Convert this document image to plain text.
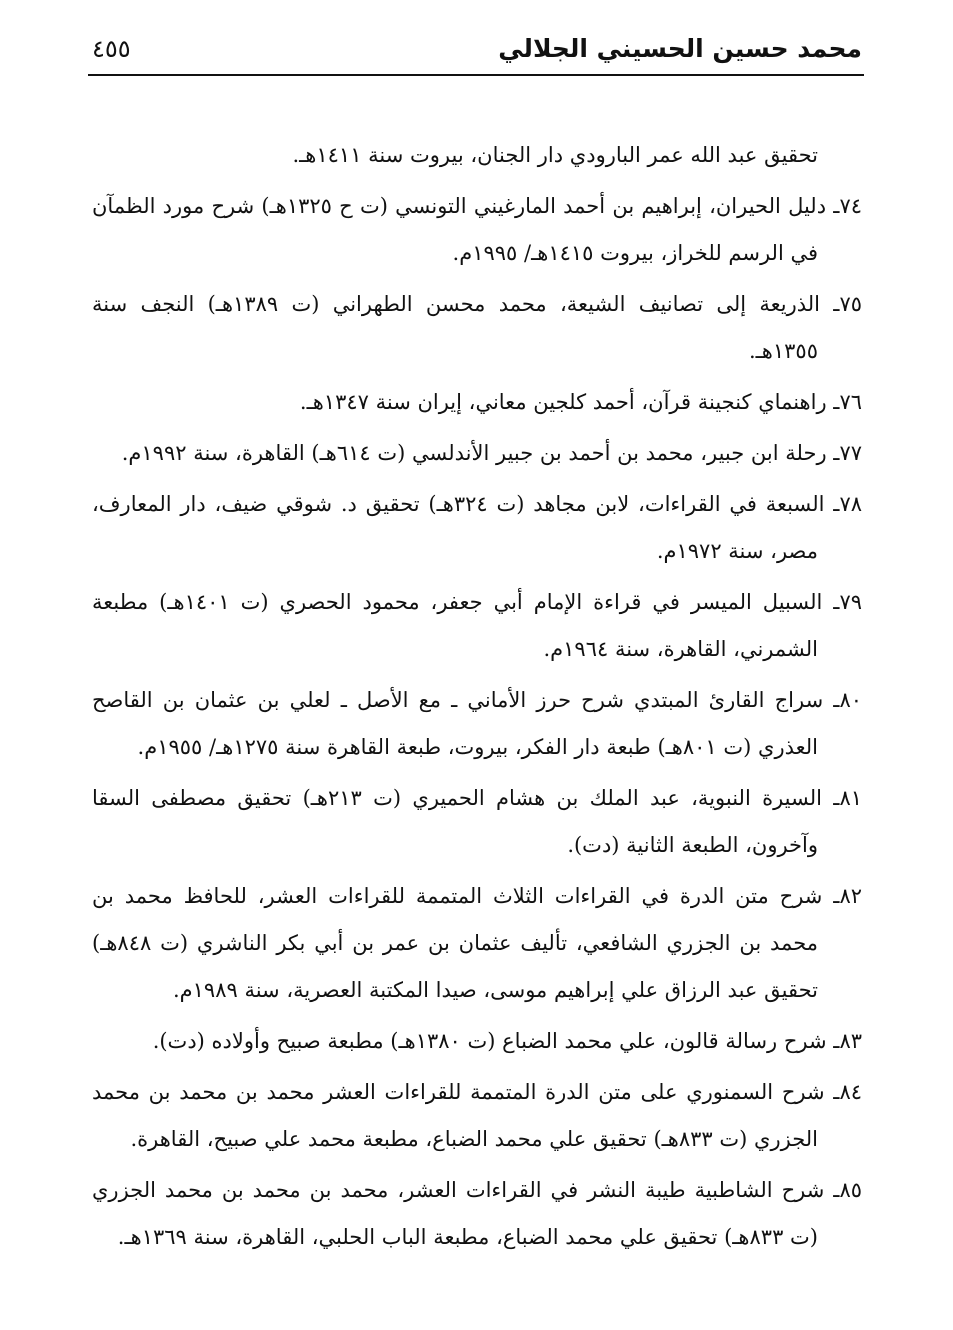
محمد حسين الحسيني الجلالي
٤٥٥

تحقيق عبد الله عمر البارودي دار الجنان، بيروت سنة ١٤١١هـ.

٧٤ـ دليل الحيران، إبراهيم بن أحمد المارغيني التونسي (ت ح ١٣٢٥هـ) شرح مورد الظمآن في الرسم للخراز، بيروت ١٤١٥هـ/ ١٩٩٥م.

٧٥ـ الذريعة إلى تصانيف الشيعة، محمد محسن الطهراني (ت ١٣٨٩هـ) النجف سنة ١٣٥٥هـ.

٧٦ـ راهنماي كنجينة قرآن، أحمد كلجين معاني، إيران سنة ١٣٤٧هـ.

٧٧ـ رحلة ابن جبير، محمد بن أحمد بن جبير الأندلسي (ت ٦١٤هـ) القاهرة، سنة ١٩٩٢م.

٧٨ـ السبعة في القراءات، لابن مجاهد (ت ٣٢٤هـ) تحقيق د. شوقي ضيف، دار المعارف، مصر، سنة ١٩٧٢م.

٧٩ـ السبيل الميسر في قراءة الإمام أبي جعفر، محمود الحصري (ت ١٤٠١هـ) مطبعة الشمرني، القاهرة، سنة ١٩٦٤م.

٨٠ـ سراج القارئ المبتدي شرح حرز الأماني ـ مع الأصل ـ لعلي بن عثمان بن القاصح العذري (ت ٨٠١هـ) طبعة دار الفكر، بيروت، طبعة القاهرة سنة ١٢٧٥هـ/ ١٩٥٥م.

٨١ـ السيرة النبوية، عبد الملك بن هشام الحميري (ت ٢١٣هـ) تحقيق مصطفى السقا وآخرون، الطبعة الثانية (دت).

٨٢ـ شرح متن الدرة في القراءات الثلاث المتممة للقراءات العشر، للحافظ محمد بن محمد بن الجزري الشافعي، تأليف عثمان بن عمر بن أبي بكر الناشري (ت ٨٤٨هـ) تحقيق عبد الرزاق علي إبراهيم موسى، صيدا المكتبة العصرية، سنة ١٩٨٩م.

٨٣ـ شرح رسالة قالون، علي محمد الضباع (ت ١٣٨٠هـ) مطبعة صبيح وأولاده (دت).

٨٤ـ شرح السمنوري على متن الدرة المتممة للقراءات العشر محمد بن محمد بن محمد الجزري (ت ٨٣٣هـ) تحقيق علي محمد الضباع، مطبعة محمد علي صبيح، القاهرة.

٨٥ـ شرح الشاطبية طيبة النشر في القراءات العشر، محمد بن محمد بن محمد الجزري (ت ٨٣٣هـ) تحقيق علي محمد الضباع، مطبعة الباب الحلبي، القاهرة، سنة ١٣٦٩هـ.
